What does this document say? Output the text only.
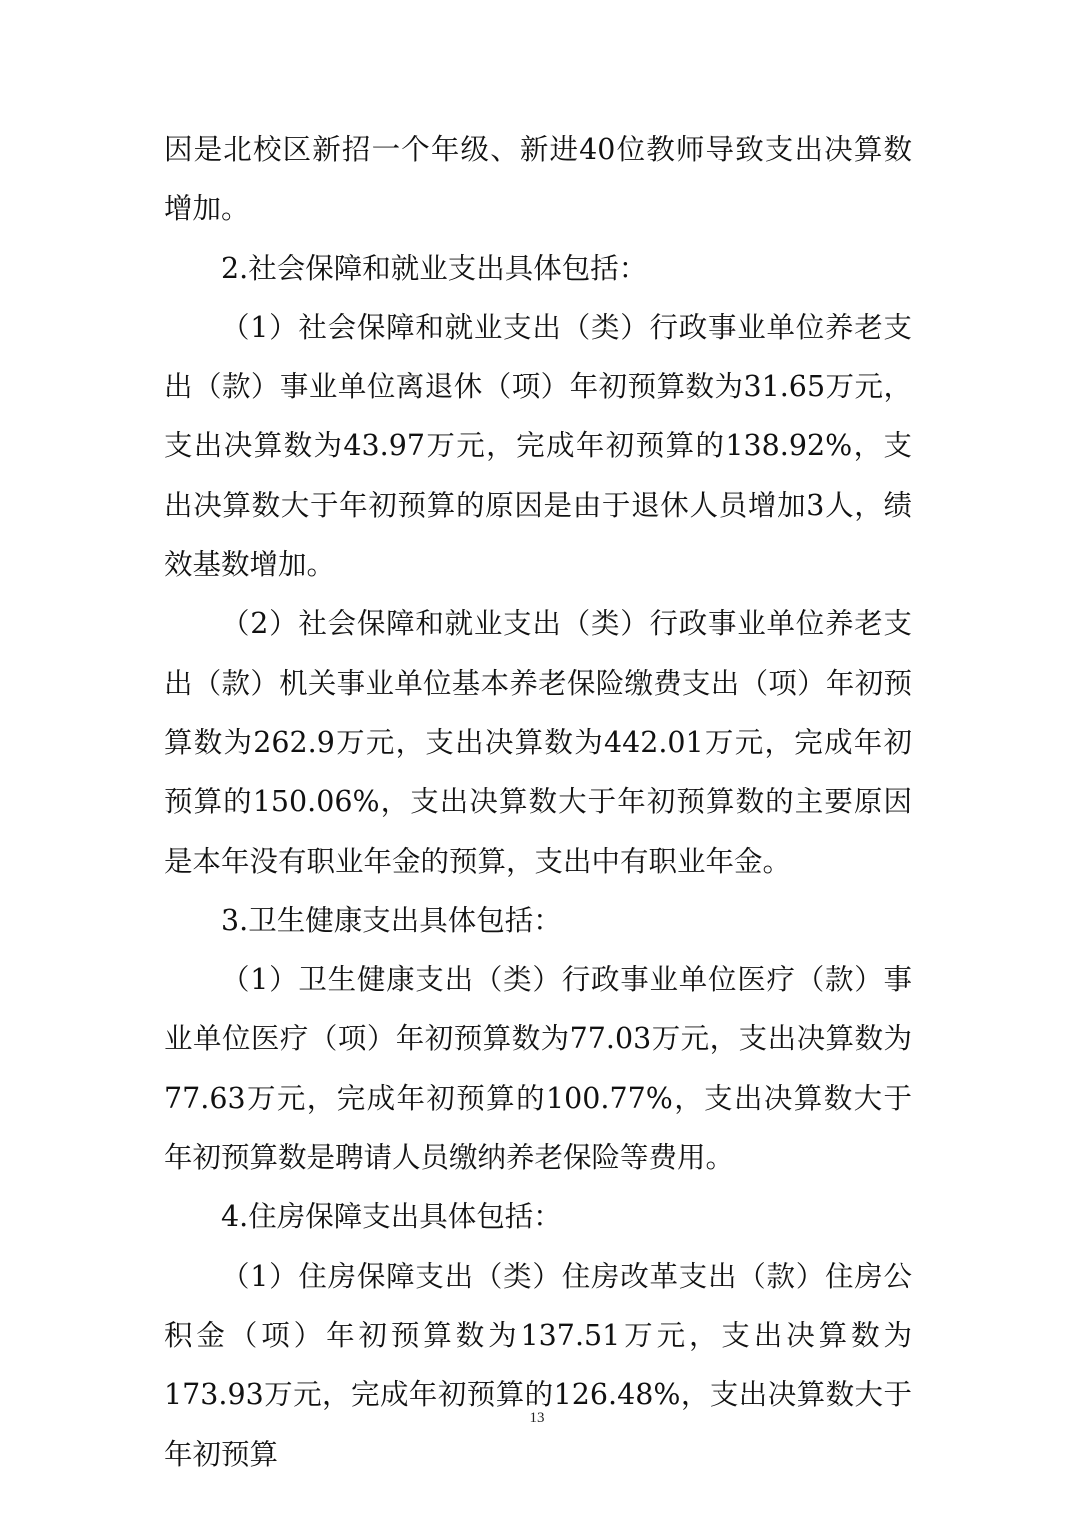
因是北校区新招一个年级、新进40位教师导致支出决算数增加。

2.社会保障和就业支出具体包括：

（1）社会保障和就业支出（类）行政事业单位养老支出（款）事业单位离退休（项）年初预算数为31.65万元，支出决算数为43.97万元，完成年初预算的138.92%，支出决算数大于年初预算的原因是由于退休人员增加3人，绩效基数增加。

（2）社会保障和就业支出（类）行政事业单位养老支出（款）机关事业单位基本养老保险缴费支出（项）年初预算数为262.9万元，支出决算数为442.01万元，完成年初预算的150.06%，支出决算数大于年初预算数的主要原因是本年没有职业年金的预算，支出中有职业年金。

3.卫生健康支出具体包括：

（1）卫生健康支出（类）行政事业单位医疗（款）事业单位医疗（项）年初预算数为77.03万元，支出决算数为77.63万元，完成年初预算的100.77%，支出决算数大于年初预算数是聘请人员缴纳养老保险等费用。

4.住房保障支出具体包括：

（1）住房保障支出（类）住房改革支出（款）住房公积金（项）年初预算数为137.51万元，支出决算数为173.93万元，完成年初预算的126.48%，支出决算数大于年初预算

13
